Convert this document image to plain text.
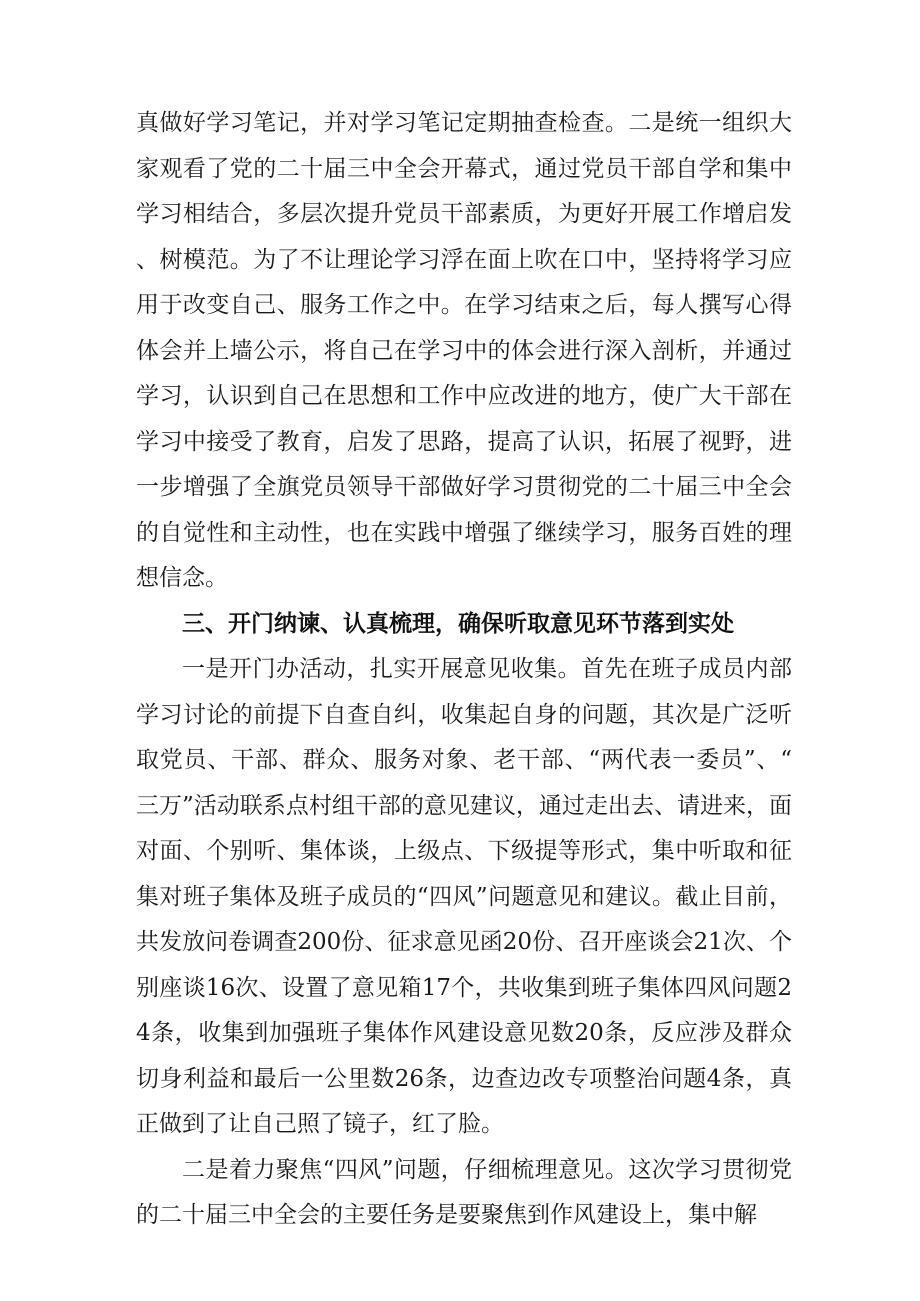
真做好学习笔记，并对学习笔记定期抽查检查。二是统一组织大家观看了党的二十届三中全会开幕式，通过党员干部自学和集中学习相结合，多层次提升党员干部素质，为更好开展工作增启发、树模范。为了不让理论学习浮在面上吹在口中，坚持将学习应用于改变自己、服务工作之中。在学习结束之后，每人撰写心得体会并上墙公示，将自己在学习中的体会进行深入剖析，并通过学习，认识到自己在思想和工作中应改进的地方，使广大干部在学习中接受了教育，启发了思路，提高了认识，拓展了视野，进一步增强了全旗党员领导干部做好学习贯彻党的二十届三中全会的自觉性和主动性，也在实践中增强了继续学习，服务百姓的理想信念。

三、开门纳谏、认真梳理，确保听取意见环节落到实处

一是开门办活动，扎实开展意见收集。首先在班子成员内部学习讨论的前提下自查自纠，收集起自身的问题，其次是广泛听取党员、干部、群众、服务对象、老干部、“两代表一委员”、“三万”活动联系点村组干部的意见建议，通过走出去、请进来，面对面、个别听、集体谈，上级点、下级提等形式，集中听取和征集对班子集体及班子成员的“四风”问题意见和建议。截止目前，共发放问卷调查200份、征求意见函20份、召开座谈会21次、个别座谈16次、设置了意见箱17个，共收集到班子集体四风问题24条，收集到加强班子集体作风建设意见数20条，反应涉及群众切身利益和最后一公里数26条，边查边改专项整治问题4条，真正做到了让自己照了镜子，红了脸。

二是着力聚焦“四风”问题，仔细梳理意见。这次学习贯彻党的二十届三中全会的主要任务是要聚焦到作风建设上，集中解
